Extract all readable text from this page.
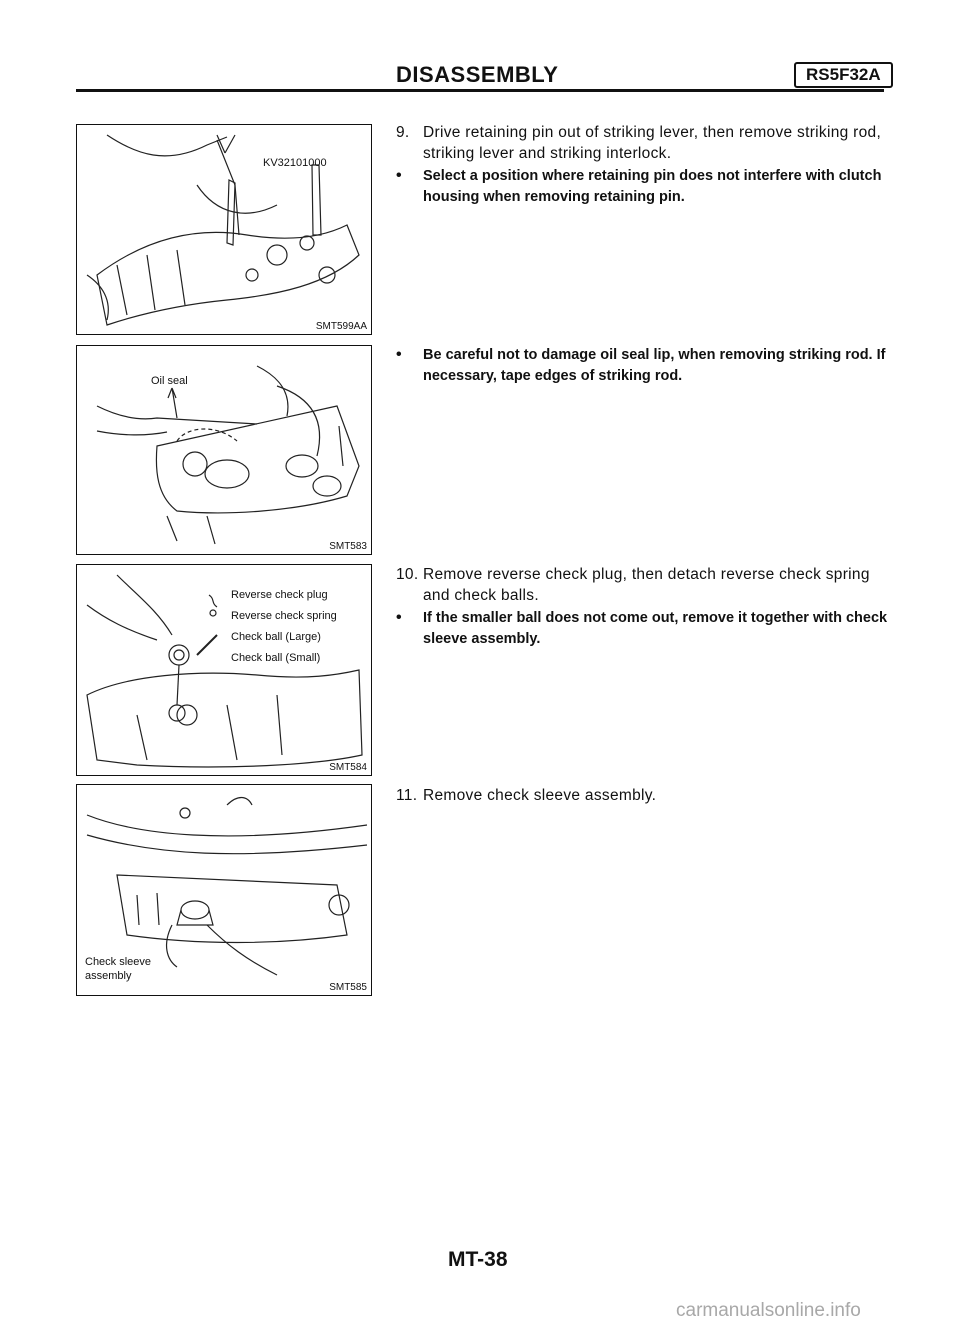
DISASSEMBLY	RS5F32A
KV32101000
SMT599AA
Oil seal
SMT583
Reverse check plug
Reverse check spring
Check ball (Large)
Check ball (Small)
SMT584
Check sleeve
assembly
SMT585
9. Drive retaining pin out of striking lever, then remove striking rod, striking lever and striking interlock.
•	Select a position where retaining pin does not interfere with clutch housing when removing retaining pin.
•	Be careful not to damage oil seal lip, when removing striking rod. If necessary, tape edges of striking rod.
10. Remove reverse check plug, then detach reverse check spring and check balls.
•	If the smaller ball does not come out, remove it together with check sleeve assembly.
11. Remove check sleeve assembly.
MT-38
carmanualsonline.info
